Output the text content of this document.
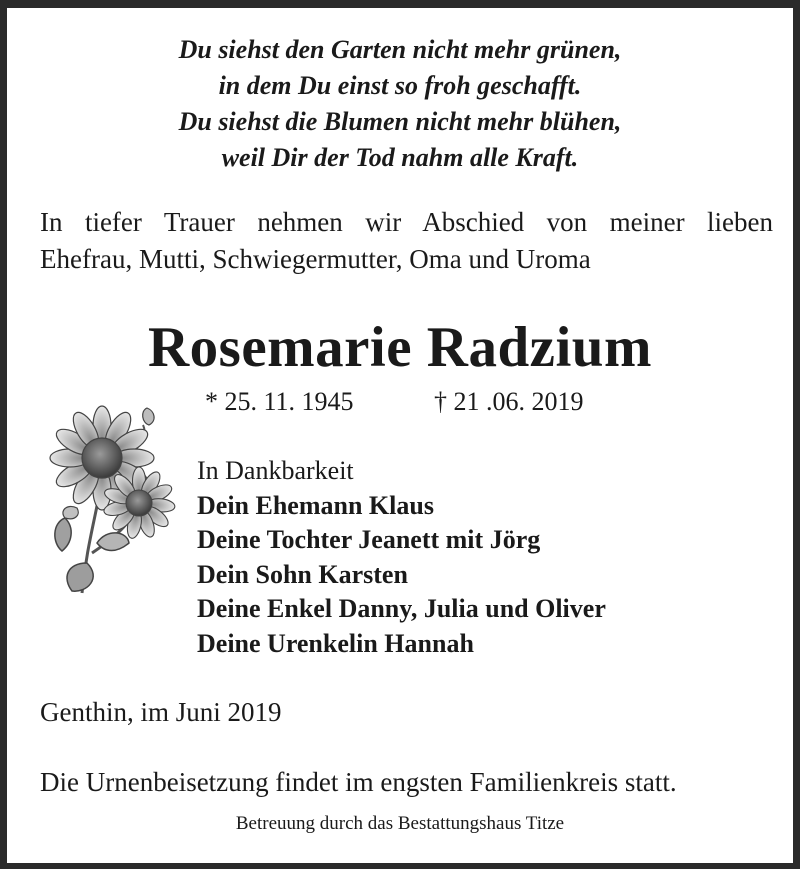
Du siehst den Garten nicht mehr grünen,
in dem Du einst so froh geschafft.
Du siehst die Blumen nicht mehr blühen,
weil Dir der Tod nahm alle Kraft.
In tiefer Trauer nehmen wir Abschied von meiner lieben
Ehefrau, Mutti, Schwiegermutter, Oma und Uroma
Rosemarie Radzium
* 25. 11. 1945	† 21 .06. 2019
In Dankbarkeit
Dein Ehemann Klaus
Deine Tochter Jeanett mit Jörg
Dein Sohn Karsten
Deine Enkel Danny, Julia und Oliver
Deine Urenkelin Hannah
Genthin, im Juni 2019
Die Urnenbeisetzung findet im engsten Familienkreis statt.
Betreuung durch das Bestattungshaus Titze
